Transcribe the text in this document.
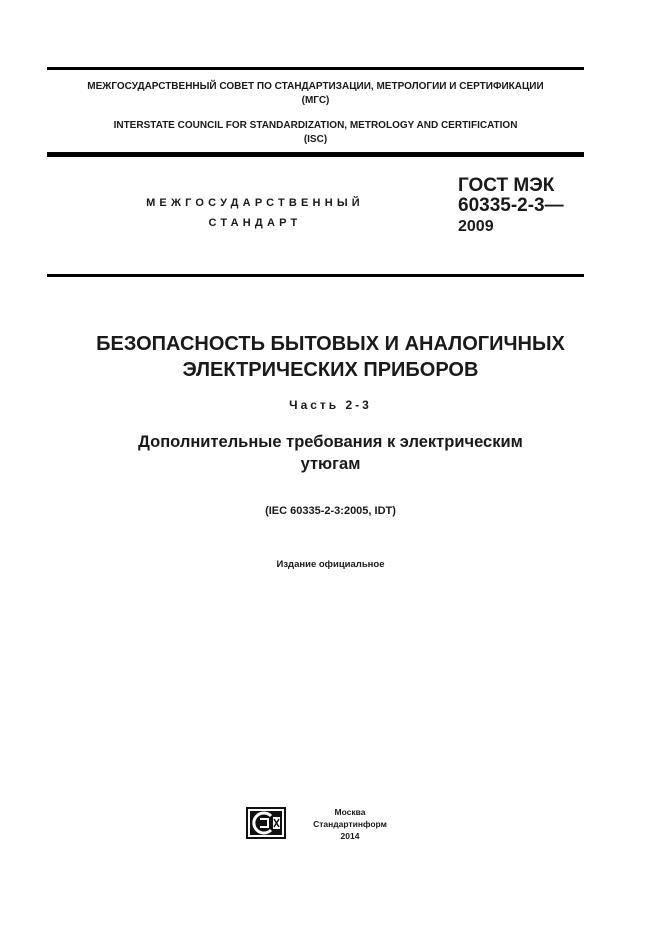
МЕЖГОСУДАРСТВЕННЫЙ СОВЕТ ПО СТАНДАРТИЗАЦИИ, МЕТРОЛОГИИ И СЕРТИФИКАЦИИ
(МГС)
INTERSTATE COUNCIL FOR STANDARDIZATION, METROLOGY AND CERTIFICATION
(ISC)
МЕЖГОСУДАРСТВЕННЫЙ
СТАНДАРТ
ГОСТ МЭК
60335-2-3—
2009
БЕЗОПАСНОСТЬ БЫТОВЫХ И АНАЛОГИЧНЫХ
ЭЛЕКТРИЧЕСКИХ ПРИБОРОВ
Часть 2-3
Дополнительные требования к электрическим
утюгам
(IEC 60335-2-3:2005, IDT)
Издание официальное
Москва
Стандартинформ
2014
